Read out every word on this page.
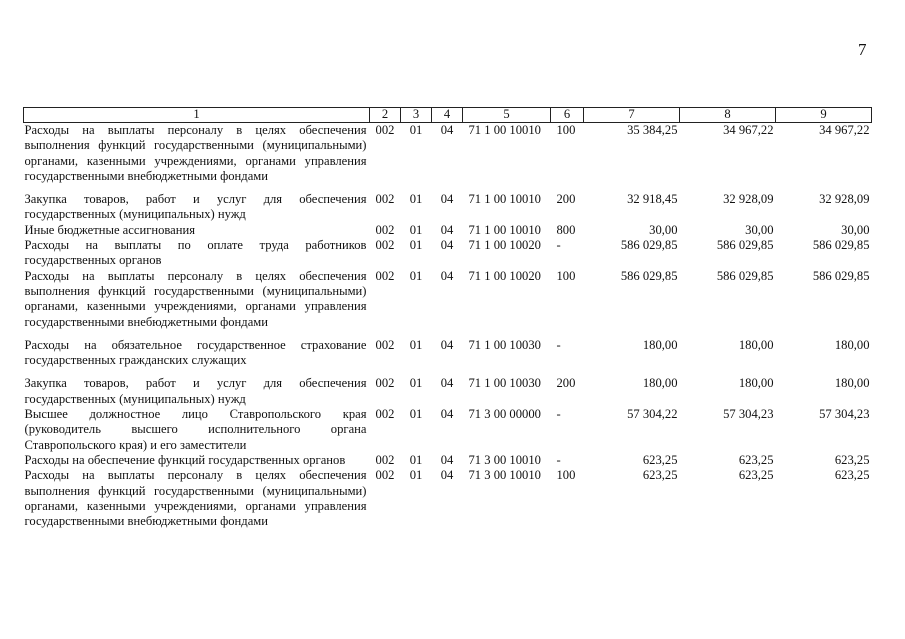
7
1	2	3	4	5	6	7	8	9
Расходы на выплаты персоналу в целях обеспечения выполнения функций государственными (муниципальными) органами, казенными учреждениями, органами управления государственными внебюджетными фондами	002	01	04	71 1 00 10010	100	35 384,25	34 967,22	34 967,22
Закупка товаров, работ и услуг для обеспечения государственных (муниципальных) нужд	002	01	04	71 1 00 10010	200	32 918,45	32 928,09	32 928,09
Иные бюджетные ассигнования	002	01	04	71 1 00 10010	800	30,00	30,00	30,00
Расходы на выплаты по оплате труда работников государственных органов	002	01	04	71 1 00 10020	-	586 029,85	586 029,85	586 029,85
Расходы на выплаты персоналу в целях обеспечения выполнения функций государственными (муниципальными) органами, казенными учреждениями, органами управления государственными внебюджетными фондами	002	01	04	71 1 00 10020	100	586 029,85	586 029,85	586 029,85
Расходы на обязательное государственное страхование государственных гражданских служащих	002	01	04	71 1 00 10030	-	180,00	180,00	180,00
Закупка товаров, работ и услуг для обеспечения государственных (муниципальных) нужд	002	01	04	71 1 00 10030	200	180,00	180,00	180,00
Высшее должностное лицо Ставропольского края (руководитель высшего исполнительного органа Ставропольского края) и его заместители	002	01	04	71 3 00 00000	-	57 304,22	57 304,23	57 304,23
Расходы на обеспечение функций государственных органов	002	01	04	71 3 00 10010	-	623,25	623,25	623,25
Расходы на выплаты персоналу в целях обеспечения выполнения функций государственными (муниципальными) органами, казенными учреждениями, органами управления государственными внебюджетными фондами	002	01	04	71 3 00 10010	100	623,25	623,25	623,25
